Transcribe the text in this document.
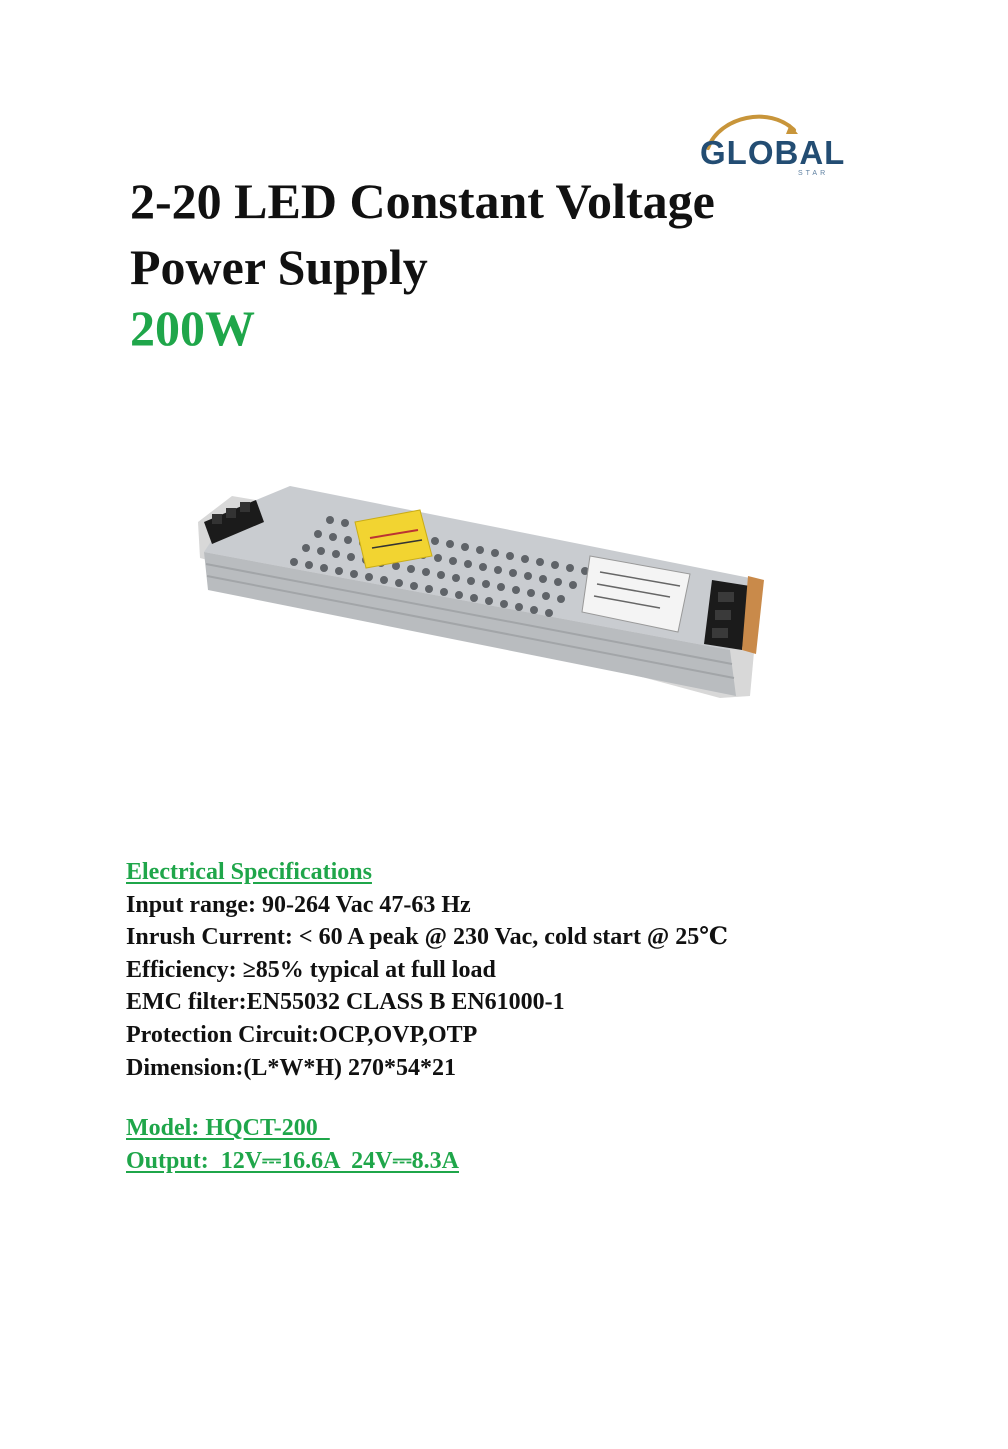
GLOBAL
STAR
2-20 LED Constant Voltage
Power Supply
200W
Electrical Specifications
Input range: 90-264 Vac 47-63 Hz
Inrush Current: < 60 A peak @ 230 Vac, cold start @ 25℃
Efficiency: ≥85% typical at full load
EMC filter:EN55032 CLASS B EN61000-1
Protection Circuit:OCP,OVP,OTP
Dimension:(L*W*H) 270*54*21
Model: HQCT-200
Output:  12V⎓16.6A  24V⎓8.3A
